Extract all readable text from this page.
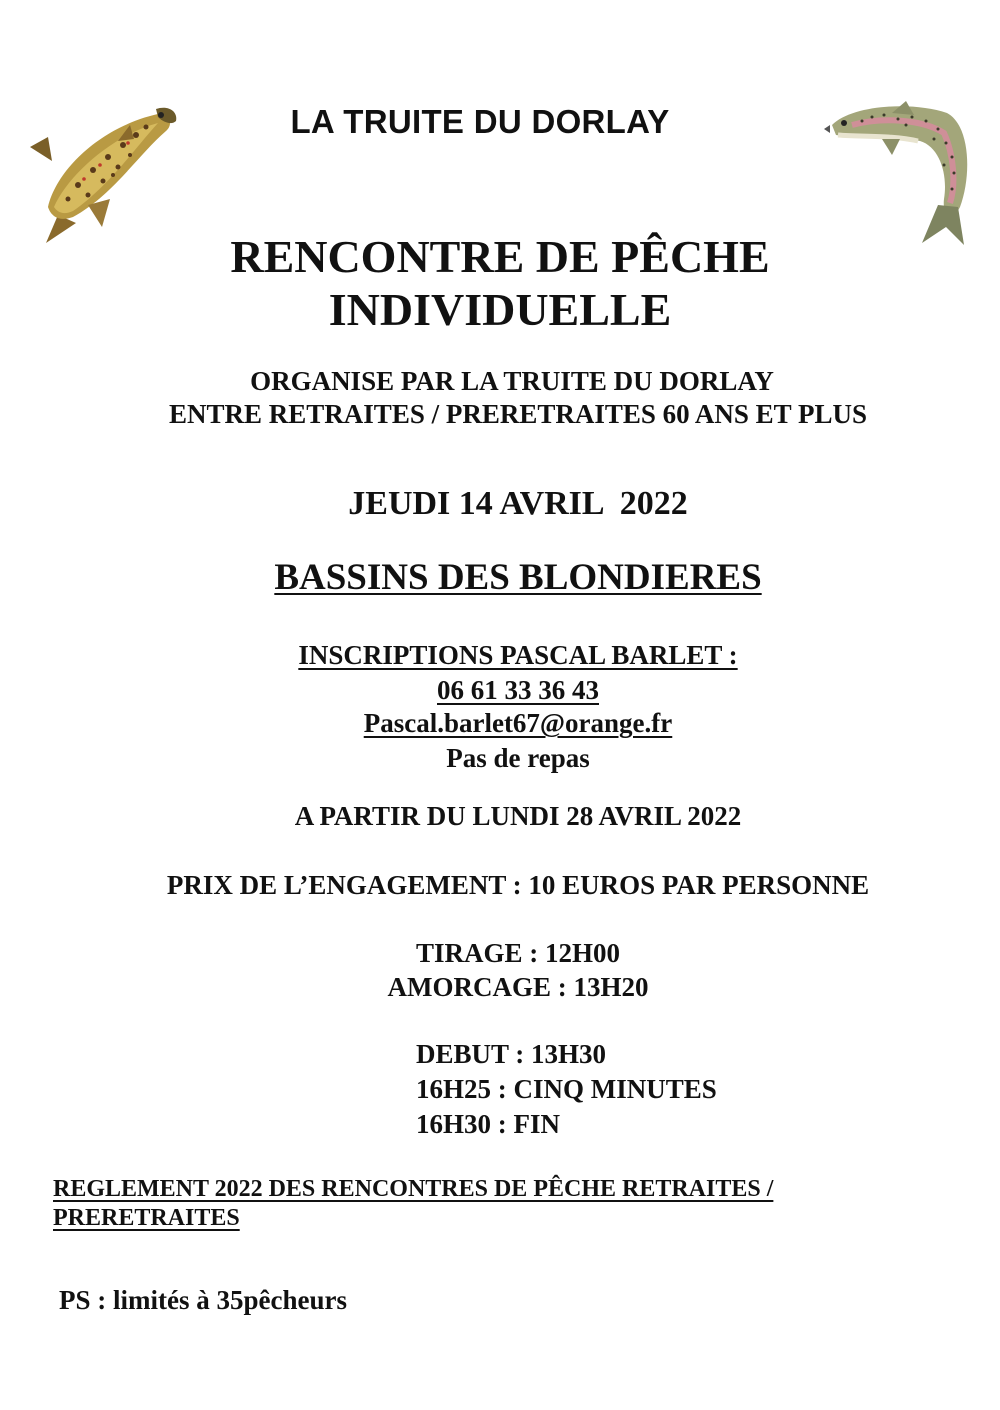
LA TRUITE DU DORLAY
RENCONTRE DE PÊCHE
INDIVIDUELLE
ORGANISE PAR LA TRUITE DU DORLAY
ENTRE RETRAITES / PRERETRAITES 60 ANS ET PLUS
JEUDI 14 AVRIL  2022
BASSINS DES BLONDIERES
INSCRIPTIONS PASCAL BARLET :
06 61 33 36 43
Pascal.barlet67@orange.fr
Pas de repas
A PARTIR DU LUNDI 28 AVRIL 2022
PRIX DE L’ENGAGEMENT : 10 EUROS PAR PERSONNE
TIRAGE : 12H00
AMORCAGE : 13H20
DEBUT : 13H30
16H25 : CINQ MINUTES
16H30 : FIN
REGLEMENT 2022 DES RENCONTRES DE PÊCHE RETRAITES / PRERETRAITES
PS : limités à 35pêcheurs
